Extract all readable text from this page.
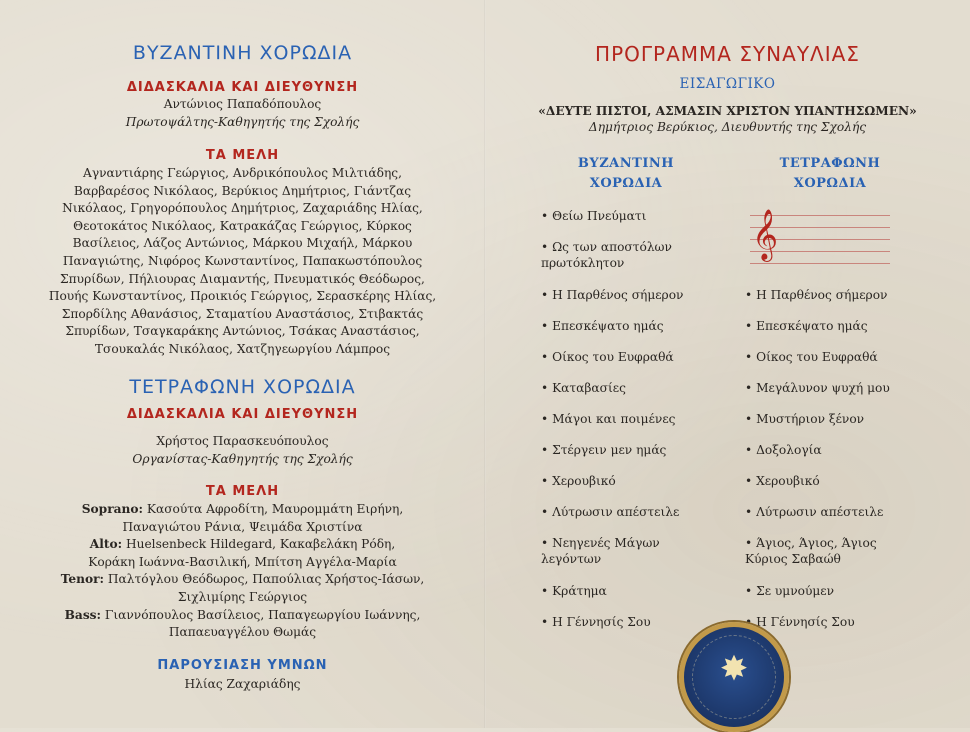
ΒΥΖΑΝΤΙΝΗ ΧΟΡΩΔΙΑ
ΔΙΔΑΣΚΑΛΙΑ ΚΑΙ ΔΙΕΥΘΥΝΣΗ
Αντώνιος Παπαδόπουλος
Πρωτοψάλτης-Καθηγητής της Σχολής
ΤΑ ΜΕΛΗ
Αγναντιάρης Γεώργιος, Ανδρικόπουλος Μιλτιάδης,
Βαρβαρέσος Νικόλαος, Βερύκιος Δημήτριος, Γιάντζας
Νικόλαος, Γρηγορόπουλος Δημήτριος, Ζαχαριάδης Ηλίας,
Θεοτοκάτος Νικόλαος, Κατρακάζας Γεώργιος, Κύρκος
Βασίλειος, Λάζος Αντώνιος, Μάρκου Μιχαήλ, Μάρκου
Παναγιώτης, Νιφόρος Κωνσταντίνος, Παπακωστόπουλος
Σπυρίδων, Πήλιουρας Διαμαντής, Πνευματικός Θεόδωρος,
Πουής Κωνσταντίνος, Προικιός Γεώργιος, Σερασκέρης Ηλίας,
Σπορδίλης Αθανάσιος, Σταματίου Αναστάσιος, Στιβακτάς
Σπυρίδων, Τσαγκαράκης Αντώνιος, Τσάκας Αναστάσιος,
Τσουκαλάς Νικόλαος, Χατζηγεωργίου Λάμπρος
ΤΕΤΡΑΦΩΝΗ ΧΟΡΩΔΙΑ
ΔΙΔΑΣΚΑΛΙΑ ΚΑΙ ΔΙΕΥΘΥΝΣΗ
Χρήστος Παρασκευόπουλος
Οργανίστας-Καθηγητής της Σχολής
ΤΑ ΜΕΛΗ
Soprano: Κασούτα Αφροδίτη, Μαυρομμάτη Ειρήνη,
Παναγιώτου Ράνια, Ψειμάδα Χριστίνα
Alto: Huelsenbeck Hildegard, Κακαβελάκη Ρόδη,
Κοράκη Ιωάννα-Βασιλική, Μπίτση Αγγέλα-Μαρία
Tenor: Παλτόγλου Θεόδωρος, Παπούλιας Χρήστος-Ιάσων,
Σιχλιμίρης Γεώργιος
Bass: Γιαννόπουλος Βασίλειος, Παπαγεωργίου Ιωάννης,
Παπαευαγγέλου Θωμάς
ΠΑΡΟΥΣΙΑΣΗ ΥΜΝΩΝ
Ηλίας Ζαχαριάδης
ΠΡΟΓΡΑΜΜΑ ΣΥΝΑΥΛΙΑΣ
ΕΙΣΑΓΩΓΙΚΟ
«ΔΕΥΤΕ ΠΙΣΤΟΙ, ΑΣΜΑΣΙΝ ΧΡΙΣΤΟΝ ΥΠΑΝΤΗΣΩΜΕΝ»
Δημήτριος Βερύκιος, Διευθυντής της Σχολής
ΒΥΖΑΝΤΙΝΗ
ΧΟΡΩΔΙΑ
ΤΕΤΡΑΦΩΝΗ
ΧΟΡΩΔΙΑ
• Θείω Πνεύματι
• Ως των αποστόλων
πρωτόκλητον
• Η Παρθένος σήμερον
• Επεσκέψατο ημάς
• Οίκος του Ευφραθά
• Καταβασίες
• Μάγοι και ποιμένες
• Στέργειν μεν ημάς
• Χερουβικό
• Λύτρωσιν απέστειλε
• Νεηγενές Μάγων
λεγόντων
• Κράτημα
• Η Γέννησίς Σου
• Η Παρθένος σήμερον
• Επεσκέψατο ημάς
• Οίκος του Ευφραθά
• Μεγάλυνον ψυχή μου
• Μυστήριον ξένον
• Δοξολογία
• Χερουβικό
• Λύτρωσιν απέστειλε
• Άγιος, Άγιος, Άγιος
Κύριος Σαβαώθ
• Σε υμνούμεν
• Η Γέννησίς Σου
𝄞
✸
